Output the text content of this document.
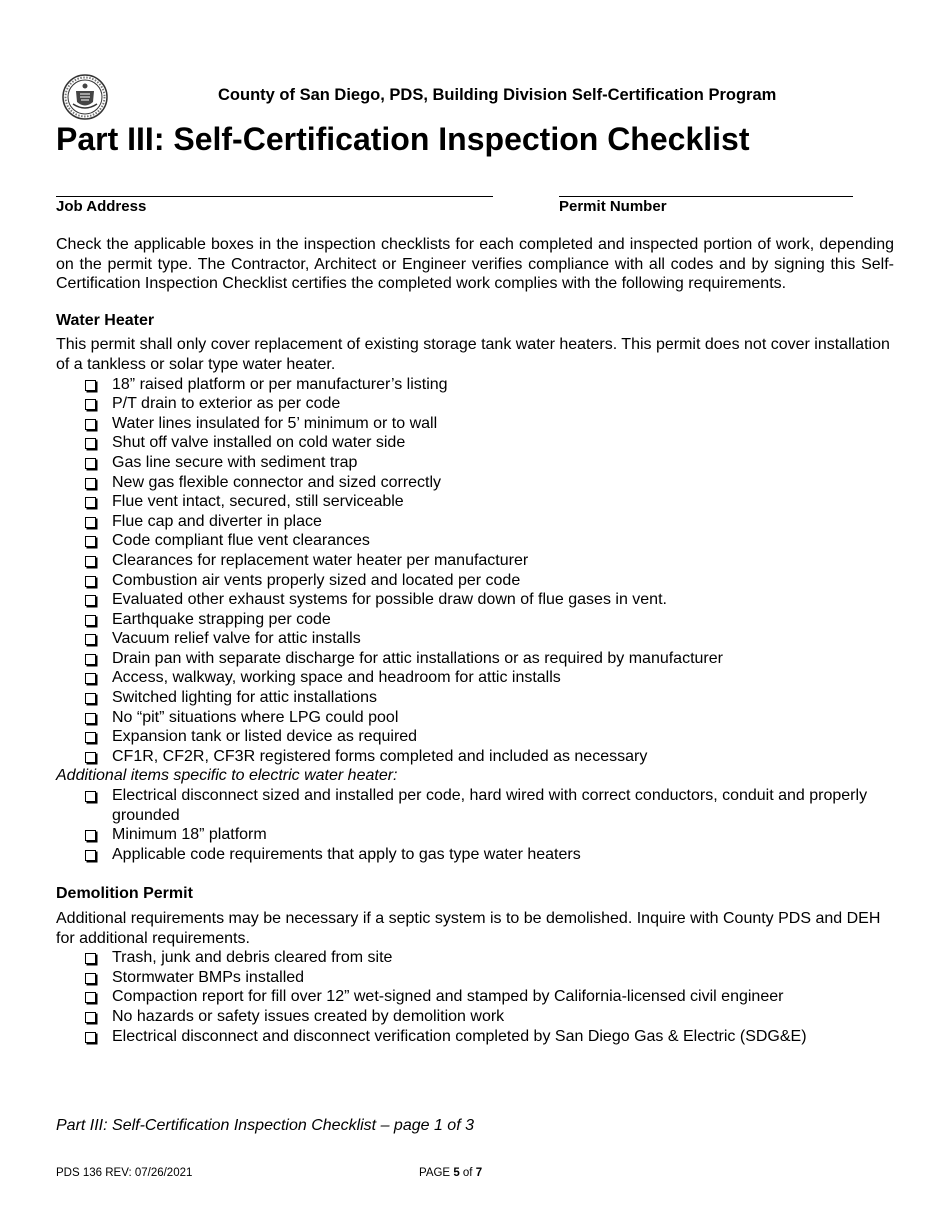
County of San Diego, PDS, Building Division Self-Certification Program
Part III: Self-Certification Inspection Checklist
Job Address	Permit Number

Check the applicable boxes in the inspection checklists for each completed and inspected portion of work, depending on the permit type. The Contractor, Architect or Engineer verifies compliance with all codes and by signing this Self-Certification Inspection Checklist certifies the completed work complies with the following requirements.

Water Heater

This permit shall only cover replacement of existing storage tank water heaters. This permit does not cover installation of a tankless or solar type water heater.

18” raised platform or per manufacturer’s listing
P/T drain to exterior as per code
Water lines insulated for 5’ minimum or to wall
Shut off valve installed on cold water side
Gas line secure with sediment trap
New gas flexible connector and sized correctly
Flue vent intact, secured, still serviceable
Flue cap and diverter in place
Code compliant flue vent clearances
Clearances for replacement water heater per manufacturer
Combustion air vents properly sized and located per code
Evaluated other exhaust systems for possible draw down of flue gases in vent.
Earthquake strapping per code
Vacuum relief valve for attic installs
Drain pan with separate discharge for attic installations or as required by manufacturer
Access, walkway, working space and headroom for attic installs
Switched lighting for attic installations
No “pit” situations where LPG could pool
Expansion tank or listed device as required
CF1R, CF2R, CF3R registered forms completed and included as necessary

Additional items specific to electric water heater:

Electrical disconnect sized and installed per code, hard wired with correct conductors, conduit and properly grounded
Minimum 18” platform
Applicable code requirements that apply to gas type water heaters
Demolition Permit

Additional requirements may be necessary if a septic system is to be demolished. Inquire with County PDS and DEH for additional requirements.

Trash, junk and debris cleared from site
Stormwater BMPs installed
Compaction report for fill over 12” wet-signed and stamped by California-licensed civil engineer
No hazards or safety issues created by demolition work
Electrical disconnect and disconnect verification completed by San Diego Gas & Electric (SDG&E)
Part III: Self-Certification Inspection Checklist – page 1 of 3
PDS 136 REV: 07/26/2021	PAGE 5 of 7
